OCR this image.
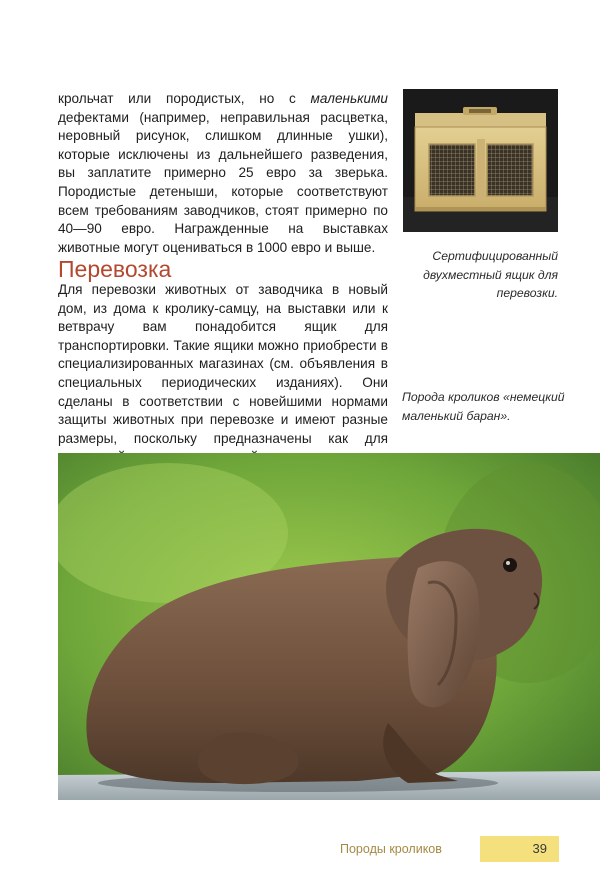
крольчат или породистых, но с маленькими дефектами (например, неправильная расцветка, неровный рисунок, слишком длинные ушки), которые исключены из дальнейшего разведения, вы заплатите примерно 25 евро за зверька. Породистые детеныши, которые соответствуют всем требованиям заводчиков, стоят примерно по 40—90 евро. Награжденные на выставках животные могут оцениваться в 1000 евро и выше.

Перевозка

Для перевозки животных от заводчика в новый дом, из дома к кролику-самцу, на выставки или к ветврачу вам понадобится ящик для транспортировки. Такие ящики можно приобрести в специализированных магазинах (см. объявления в специальных периодических изданиях). Они сделаны в соответствии с новейшими нормами защиты животных при перевозке и имеют разные размеры, поскольку предназначены как для

Сертифицированный двухместный ящик для перевозки.

Порода кроликов «немецкий маленький баран».

Породы кроликов	39
